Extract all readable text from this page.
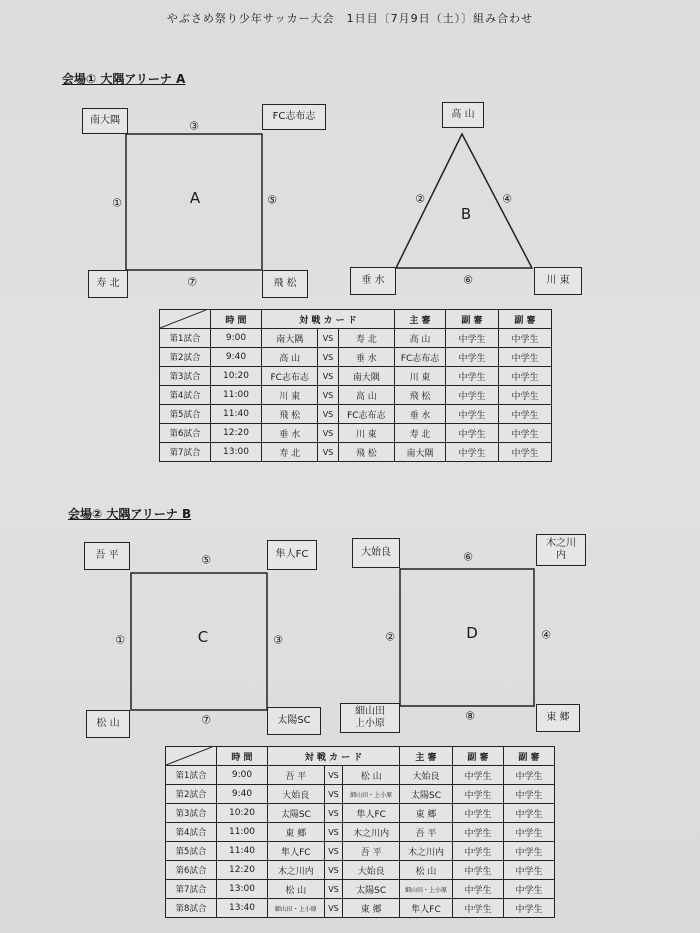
やぶさめ祭り少年サッカー大会　1日目〔7月9日（土）〕組み合わせ
会場① 大隅アリーナ A
南大隅	FC志布志
寿 北	飛 松
③
①	⑤
⑦
A
高 山
垂 水	川 東
②	④
⑥
B
	時 間	対 戦 カ ー ド			主 審	副 審	副 審
第1試合	9:00	南大隅	VS	寿 北	高 山	中学生	中学生
第2試合	9:40	高 山	VS	垂 水	FC志布志	中学生	中学生
第3試合	10:20	FC志布志	VS	南大隅	川 東	中学生	中学生
第4試合	11:00	川 東	VS	高 山	飛 松	中学生	中学生
第5試合	11:40	飛 松	VS	FC志布志	垂 水	中学生	中学生
第6試合	12:20	垂 水	VS	川 東	寿 北	中学生	中学生
第7試合	13:00	寿 北	VS	飛 松	南大隅	中学生	中学生
会場② 大隅アリーナ B
吾 平	隼人FC
松 山	太陽SC
⑤
①	③
⑦
C
大始良
木之川内
細山田上小原
東 郷
⑥
②	④
⑧
D
	時 間	対 戦 カ ー ド			主 審	副 審	副 審
第1試合	9:00	吾 平	VS	松 山	大始良	中学生	中学生
第2試合	9:40	大始良	VS	細山田・上小原	太陽SC	中学生	中学生
第3試合	10:20	太陽SC	VS	隼人FC	東 郷	中学生	中学生
第4試合	11:00	東 郷	VS	木之川内	吾 平	中学生	中学生
第5試合	11:40	隼人FC	VS	吾 平	木之川内	中学生	中学生
第6試合	12:20	木之川内	VS	大始良	松 山	中学生	中学生
第7試合	13:00	松 山	VS	太陽SC	細山田・上小原	中学生	中学生
第8試合	13:40	細山田・上小原	VS	東 郷	隼人FC	中学生	中学生
